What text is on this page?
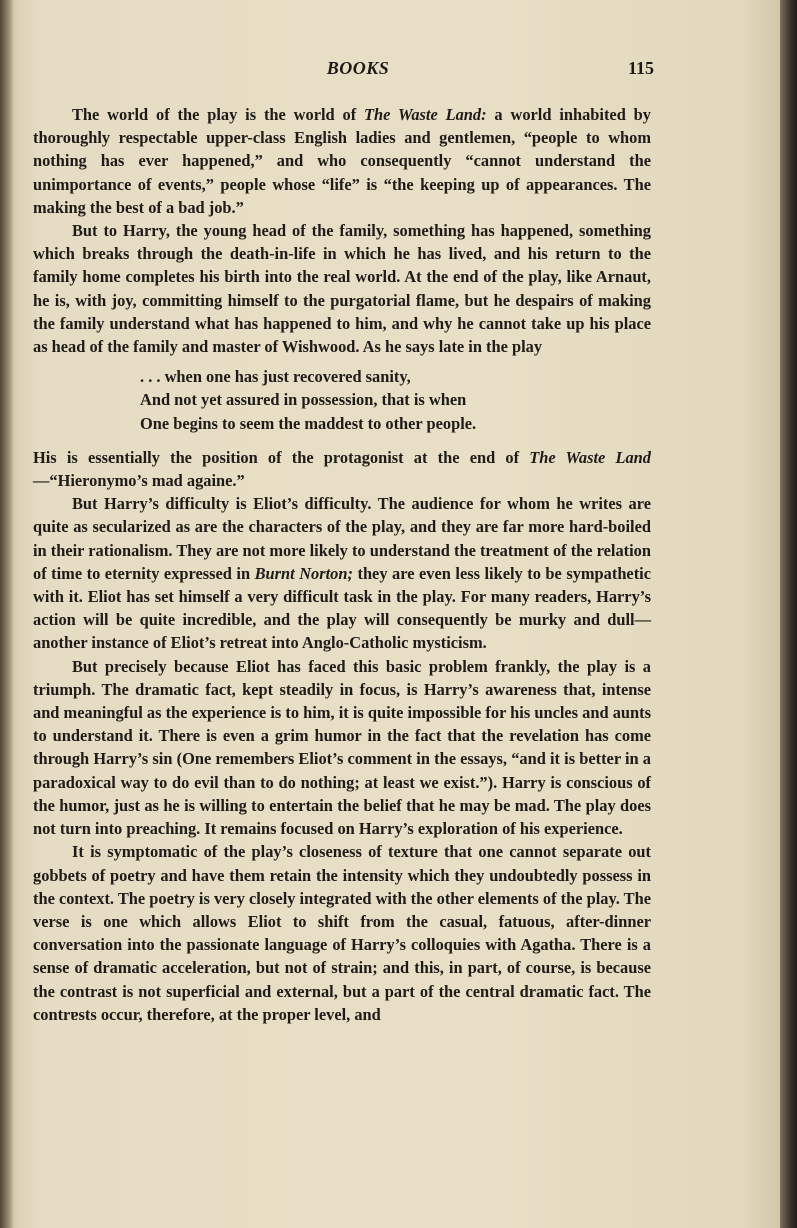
BOOKS	115

The world of the play is the world of The Waste Land: a world inhabited by thoroughly respectable upper-class English ladies and gentlemen, “people to whom nothing has ever happened,” and who consequently “cannot understand the unimportance of events,” people whose “life” is “the keeping up of appearances. The making the best of a bad job.”

But to Harry, the young head of the family, something has happened, something which breaks through the death-in-life in which he has lived, and his return to the family home completes his birth into the real world. At the end of the play, like Arnaut, he is, with joy, committing himself to the purgatorial flame, but he despairs of making the family understand what has happened to him, and why he cannot take up his place as head of the family and master of Wishwood. As he says late in the play

. . . when one has just recovered sanity,
And not yet assured in possession, that is when
One begins to seem the maddest to other people.

His is essentially the position of the protagonist at the end of The Waste Land—“Hieronymo’s mad againe.”

But Harry’s difficulty is Eliot’s difficulty. The audience for whom he writes are quite as secularized as are the characters of the play, and they are far more hard-boiled in their rationalism. They are not more likely to understand the treatment of the relation of time to eternity expressed in Burnt Norton; they are even less likely to be sympathetic with it. Eliot has set himself a very difficult task in the play. For many readers, Harry’s action will be quite incredible, and the play will consequently be murky and dull—another instance of Eliot’s retreat into Anglo-Catholic mysticism.

But precisely because Eliot has faced this basic problem frankly, the play is a triumph. The dramatic fact, kept steadily in focus, is Harry’s awareness that, intense and meaningful as the experience is to him, it is quite impossible for his uncles and aunts to understand it. There is even a grim humor in the fact that the revelation has come through Harry’s sin (One remembers Eliot’s comment in the essays, “and it is better in a paradoxical way to do evil than to do nothing; at least we exist.”). Harry is conscious of the humor, just as he is willing to entertain the belief that he may be mad. The play does not turn into preaching. It remains focused on Harry’s exploration of his experience.

It is symptomatic of the play’s closeness of texture that one cannot separate out gobbets of poetry and have them retain the intensity which they undoubtedly possess in the context. The poetry is very closely integrated with the other elements of the play. The verse is one which allows Eliot to shift from the casual, fatuous, after-dinner conversation into the passionate language of Harry’s colloquies with Agatha. There is a sense of dramatic acceleration, but not of strain; and this, in part, of course, is because the contrast is not superficial and external, but a part of the central dramatic fact. The contrɐsts occur, therefore, at the proper level, and
